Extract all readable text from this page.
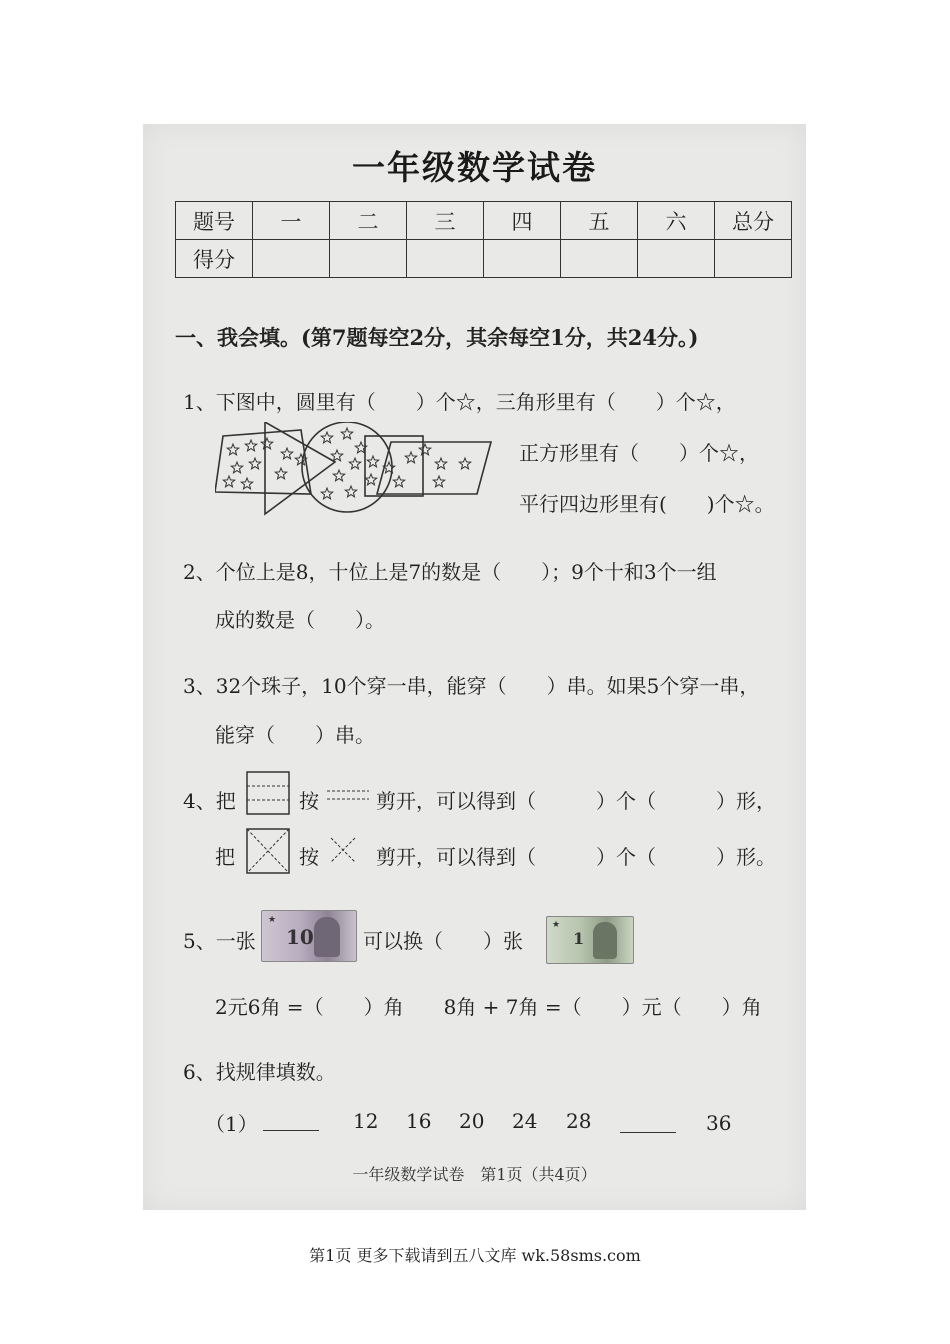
一年级数学试卷
题号	一	二	三	四	五	六	总分
得分							
一、我会填。(第7题每空2分，其余每空1分，共24分。)
1、下图中，圆里有（　　）个☆，三角形里有（　　）个☆，
正方形里有（　　）个☆，
平行四边形里有(　　)个☆。
2、个位上是8，十位上是7的数是（　　）；9个十和3个一组
成的数是（　　）。
3、32个珠子，10个穿一串，能穿（　　）串。如果5个穿一串，
能穿（　　）串。
4、把	按	剪开，可以得到（　　　）个（　　　）形，
把	按	剪开，可以得到（　　　）个（　　　）形。
5、一张
★
10 可以换（　　）张
★
1
2元6角 =（　　）角　　8角 + 7角 =（　　）元（　　）角
6、找规律填数。
（1）	12 16 20 24 28	36
一年级数学试卷　第1页（共4页）
第1页 更多下载请到五八文库 wk.58sms.com
